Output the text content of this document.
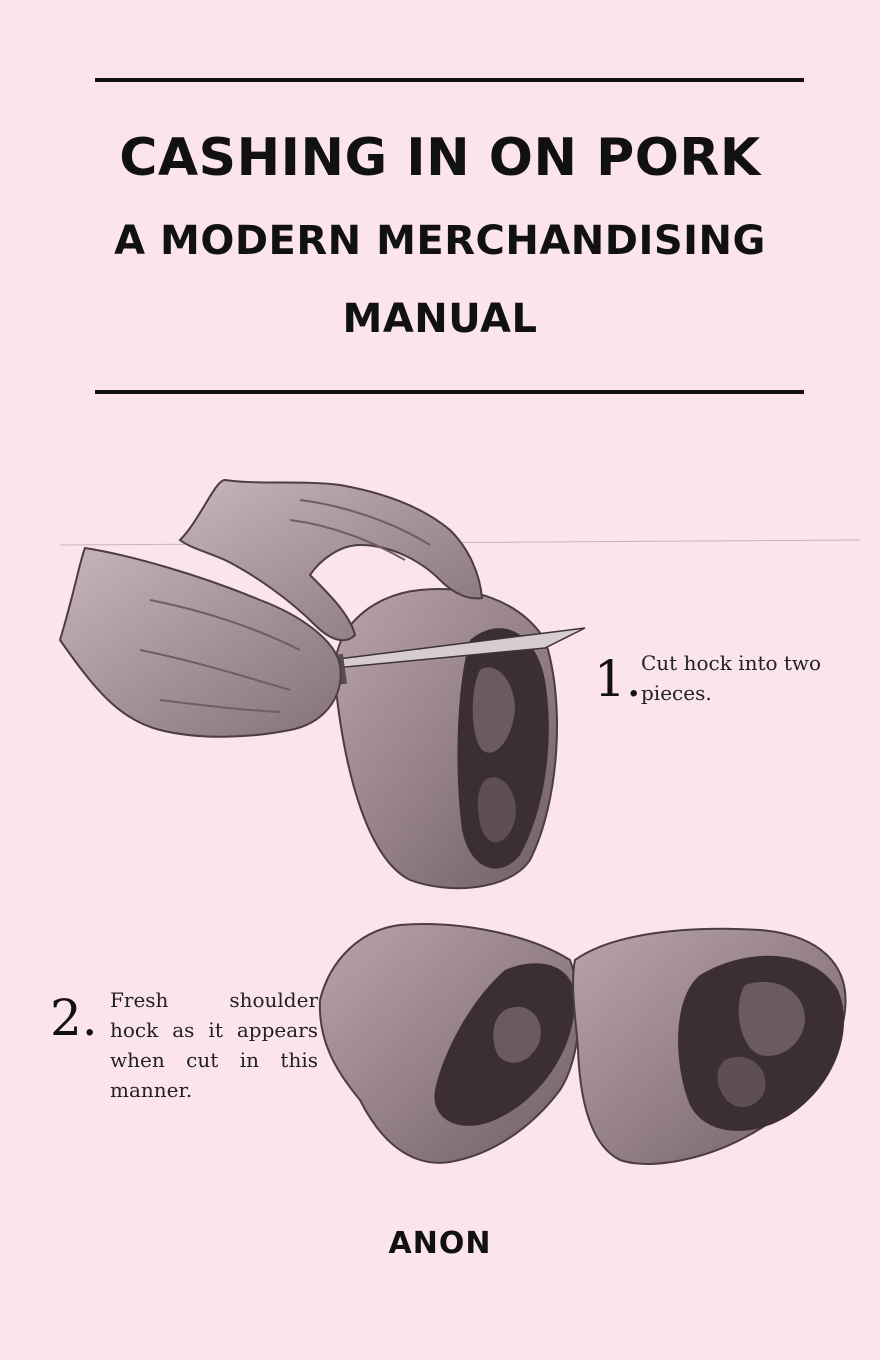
CASHING IN ON PORK
A MODERN MERCHANDISING
MANUAL
1. Cut hock into two pieces.
2. Fresh shoulder hock as it appears when cut in this manner.
ANON
